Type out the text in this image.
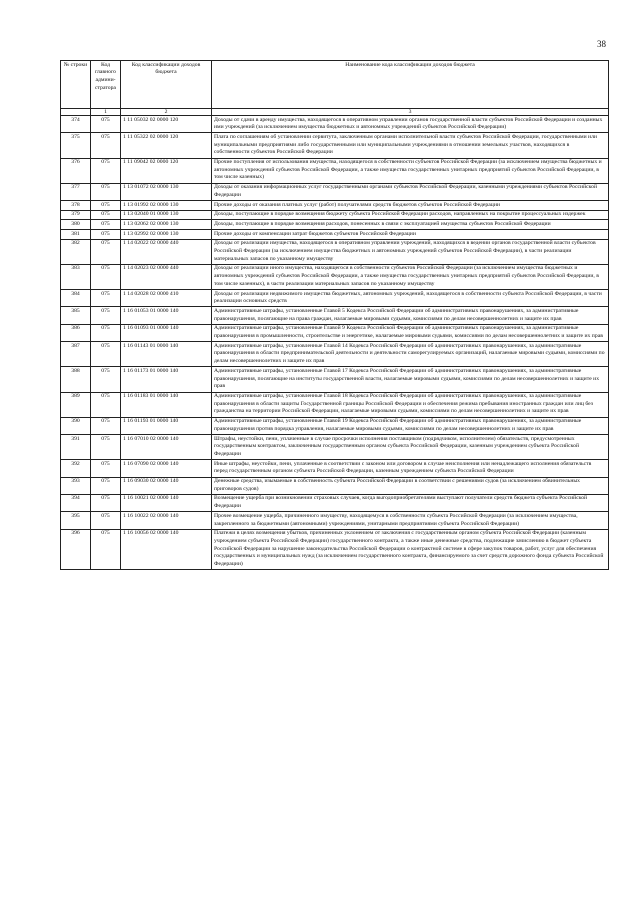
38
№ строки	Код главного админи-стратора	Код классификации доходов бюджета	Наименование кода классификации доходов бюджета
	1	2	3
374	075	1 11 05032 02 0000 120	Доходы от сдачи в аренду имущества, находящегося в оперативном управлении органов государственной власти субъектов Российской Федерации и созданных ими учреждений (за исключением имущества бюджетных и автономных учреждений субъектов Российской Федерации)
375	075	1 11 05322 02 0000 120	Плата по соглашениям об установлении сервитута, заключенным органами исполнительной власти субъектов Российской Федерации, государственными или муниципальными предприятиями либо государственными или муниципальными учреждениями в отношении земельных участков, находящихся в собственности субъектов Российской Федерации
376	075	1 11 09042 02 0000 120	Прочие поступления от использования имущества, находящегося в собственности субъектов Российской Федерации (за исключением имущества бюджетных и автономных учреждений субъектов Российской Федерации, а также имущества государственных унитарных предприятий субъектов Российской Федерации, в том числе казенных)
377	075	1 13 01072 02 0000 130	Доходы от оказания информационных услуг государственными органами субъектов Российской Федерации, казенными учреждениями субъектов Российской Федерации
378	075	1 13 01992 02 0000 130	Прочие доходы от оказания платных услуг (работ) получателями средств бюджетов субъектов Российской Федерации
379	075	1 13 02040 01 0000 130	Доходы, поступающие в порядке возмещения бюджету субъекта Российской Федерации расходов, направленных на покрытие процессуальных издержек
380	075	1 13 02062 02 0000 130	Доходы, поступающие в порядке возмещения расходов, понесенных в связи с эксплуатацией имущества субъектов Российской Федерации
381	075	1 13 02992 02 0000 130	Прочие доходы от компенсации затрат бюджетов субъектов Российской Федерации
382	075	1 14 02022 02 0000 440	Доходы от реализации имущества, находящегося в оперативном управлении учреждений, находящихся в ведении органов государственной власти субъектов Российской Федерации (за исключением имущества бюджетных и автономных учреждений субъектов Российской Федерации), в части реализации материальных запасов по указанному имуществу
383	075	1 14 02023 02 0000 440	Доходы от реализации иного имущества, находящегося в собственности субъектов Российской Федерации (за исключением имущества бюджетных и автономных учреждений субъектов Российской Федерации, а также имущества государственных унитарных предприятий субъектов Российской Федерации, в том числе казенных), в части реализации материальных запасов по указанному имуществу
384	075	1 14 02028 02 0000 410	Доходы от реализации недвижимого имущества бюджетных, автономных учреждений, находящегося в собственности субъекта Российской Федерации, в части реализации основных средств
385	075	1 16 01053 01 0000 140	Административные штрафы, установленные Главой 5 Кодекса Российской Федерации об административных правонарушениях, за административные правонарушения, посягающие на права граждан, налагаемые мировыми судьями, комиссиями по делам несовершеннолетних и защите их прав
386	075	1 16 01093 01 0000 140	Административные штрафы, установленные Главой 9 Кодекса Российской Федерации об административных правонарушениях, за административные правонарушения в промышленности, строительстве и энергетике, налагаемые мировыми судьями, комиссиями по делам несовершеннолетних и защите их прав
387	075	1 16 01143 01 0000 140	Административные штрафы, установленные Главой 14 Кодекса Российской Федерации об административных правонарушениях, за административные правонарушения в области предпринимательской деятельности и деятельности саморегулируемых организаций, налагаемые мировыми судьями, комиссиями по делам несовершеннолетних и защите их прав
388	075	1 16 01173 01 0000 140	Административные штрафы, установленные Главой 17 Кодекса Российской Федерации об административных правонарушениях, за административные правонарушения, посягающие на институты государственной власти, налагаемые мировыми судьями, комиссиями по делам несовершеннолетних и защите их прав
389	075	1 16 01183 01 0000 140	Административные штрафы, установленные Главой 18 Кодекса Российской Федерации об административных правонарушениях, за административные правонарушения в области защиты Государственной границы Российской Федерации и обеспечения режима пребывания иностранных граждан или лиц без гражданства на территории Российской Федерации, налагаемые мировыми судьями, комиссиями по делам несовершеннолетних и защите их прав
390	075	1 16 01193 01 0000 140	Административные штрафы, установленные Главой 19 Кодекса Российской Федерации об административных правонарушениях, за административные правонарушения против порядка управления, налагаемые мировыми судьями, комиссиями по делам несовершеннолетних и защите их прав
391	075	1 16 07010 02 0000 140	Штрафы, неустойки, пени, уплаченные в случае просрочки исполнения поставщиком (подрядчиком, исполнителем) обязательств, предусмотренных государственным контрактом, заключенным государственным органом субъекта Российской Федерации, казенным учреждением субъекта Российской Федерации
392	075	1 16 07090 02 0000 140	Иные штрафы, неустойки, пени, уплаченные в соответствии с законом или договором в случае неисполнения или ненадлежащего исполнения обязательств перед государственным органом субъекта Российской Федерации, казенным учреждением субъекта Российской Федерации
393	075	1 16 09030 02 0000 140	Денежные средства, изымаемые в собственность субъекта Российской Федерации в соответствии с решениями судов (за исключением обвинительных приговоров судов)
394	075	1 16 10021 02 0000 140	Возмещение ущерба при возникновении страховых случаев, когда выгодоприобретателями выступают получатели средств бюджета субъекта Российской Федерации
395	075	1 16 10022 02 0000 140	Прочее возмещение ущерба, причиненного имуществу, находящемуся в собственности субъекта Российской Федерации (за исключением имущества, закрепленного за бюджетными (автономными) учреждениями, унитарными предприятиями субъекта Российской Федерации)
396	075	1 16 10056 02 0000 140	Платежи в целях возмещения убытков, причиненных уклонением от заключения с государственным органом субъекта Российской Федерации (казенным учреждением субъекта Российской Федерации) государственного контракта, а также иные денежные средства, подлежащие зачислению в бюджет субъекта Российской Федерации за нарушение законодательства Российской Федерации о контрактной системе в сфере закупок товаров, работ, услуг для обеспечения государственных и муниципальных нужд (за исключением государственного контракта, финансируемого за счет средств дорожного фонда субъекта Российской Федерации)
